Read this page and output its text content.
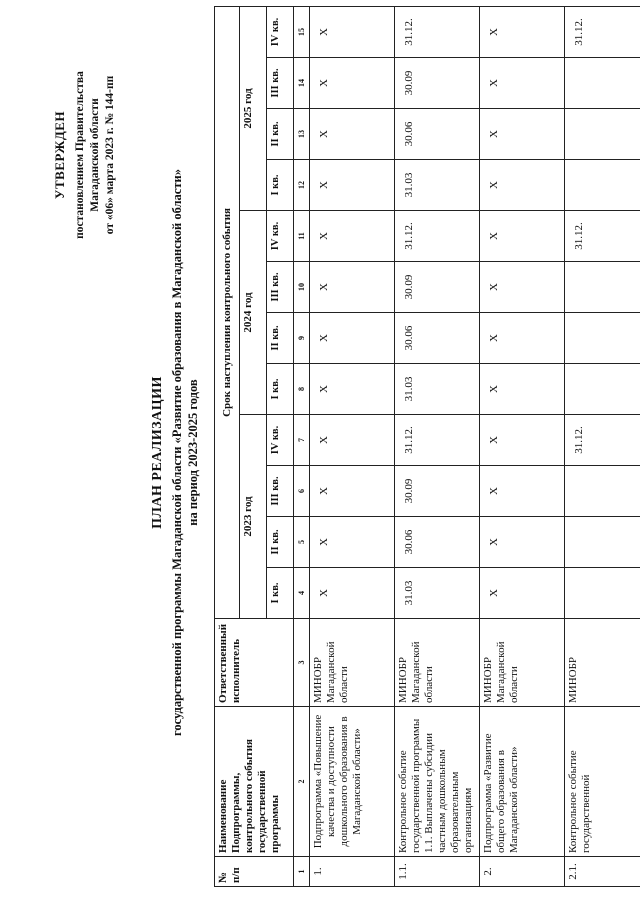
УТВЕРЖДЕН постановлением Правительства Магаданской области от «06» марта 2023 г. № 144-пп
ПЛАН РЕАЛИЗАЦИИ государственной программы Магаданской области «Развитие образования в Магаданской области» на период 2023-2025 годов
№ п/п	Наименование Подпрограммы, контрольного события государственной программы	Ответственный исполнитель	Срок наступления контрольного события											
			2023 год				2024 год				2025 год			
			I кв.	II кв.	III кв.	IV кв.	I кв.	II кв.	III кв.	IV кв.	I кв.	II кв.	III кв.	IV кв.
1	2	3	4	5	6	7	8	9	10	11	12	13	14	15
1.	Подпрограмма «Повышение качества и доступности дошкольного образования в Магаданской области»	МИНОБР Магаданской области	Х	Х	Х	Х	Х	Х	Х	Х	Х	Х	Х	Х
1.1.	Контрольное событие государственной программы 1.1. Выплачены субсидии частным дошкольным образовательным организациям	МИНОБР Магаданской области	31.03	30.06	30.09	31.12.	31.03	30.06	30.09	31.12.	31.03	30.06	30.09	31.12.
2.	Подпрограмма «Развитие общего образования в Магаданской области»	МИНОБР Магаданской области	Х	Х	Х	Х	Х	Х	Х	Х	Х	Х	Х	Х
2.1.	Контрольное событие государственной	МИНОБР				31.12.				31.12.				31.12.
